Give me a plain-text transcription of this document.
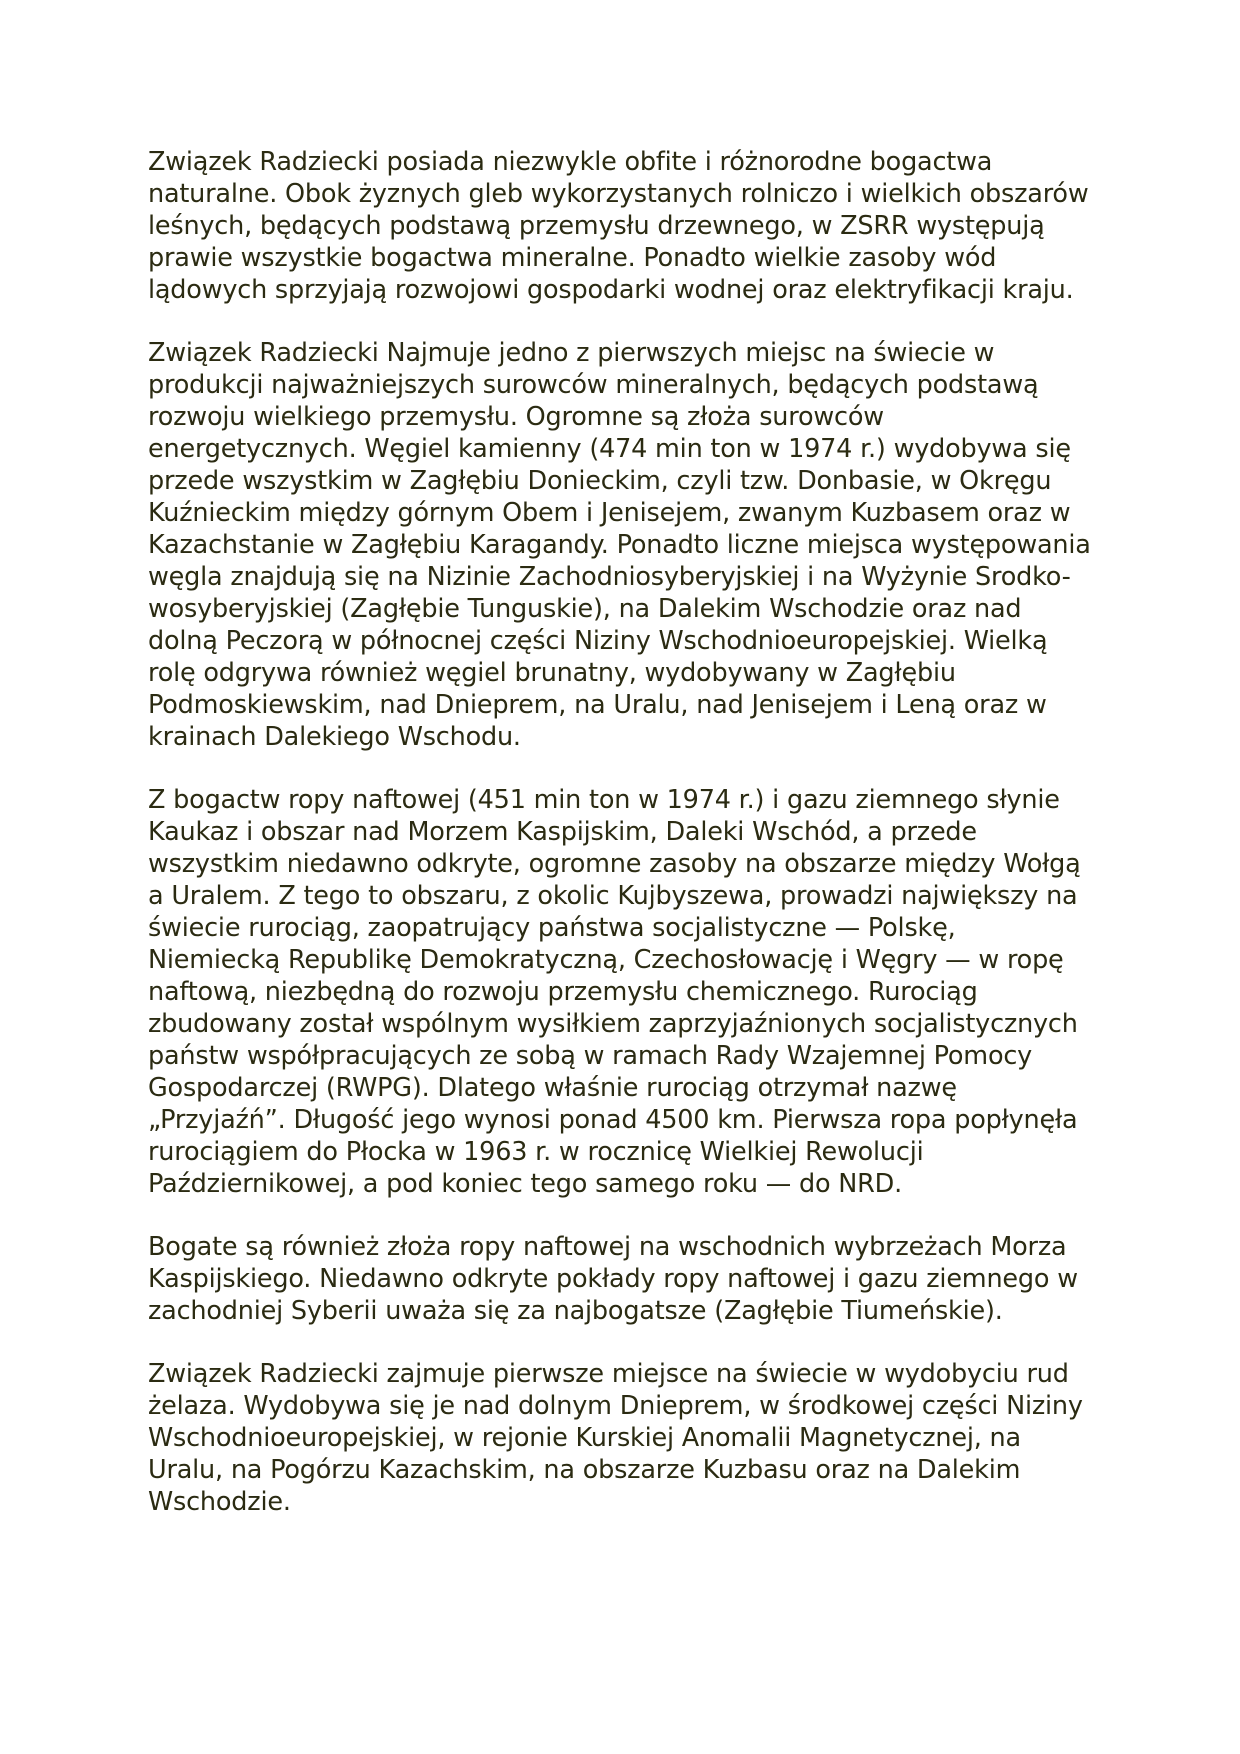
Związek Radziecki posiada niezwykle obfite i różnorodne bogactwa
naturalne. Obok żyznych gleb wykorzystanych rolniczo i wielkich obszarów
leśnych, będących podstawą przemysłu drzewnego, w ZSRR występują
prawie wszystkie bogactwa mineralne. Ponadto wielkie zasoby wód
lądowych sprzyjają rozwojowi gospodarki wodnej oraz elektryfikacji kraju.

Związek Radziecki Najmuje jedno z pierwszych miejsc na świecie w
produkcji najważniejszych surowców mineralnych, będących podstawą
rozwoju wielkiego przemysłu. Ogromne są złoża surowców
energetycznych. Węgiel kamienny (474 min ton w 1974 r.) wydobywa się
przede wszystkim w Zagłębiu Donieckim, czyli tzw. Donbasie, w Okręgu
Kuźnieckim między górnym Obem i Jenisejem, zwanym Kuzbasem oraz w
Kazachstanie w Zagłębiu Karagandy. Ponadto liczne miejsca występowania
węgla znajdują się na Nizinie Zachodniosyberyjskiej i na Wyżynie Srodko-
wosyberyjskiej (Zagłębie Tunguskie), na Dalekim Wschodzie oraz nad
dolną Peczorą w północnej części Niziny Wschodnioeuropejskiej. Wielką
rolę odgrywa również węgiel brunatny, wydobywany w Zagłębiu
Podmoskiewskim, nad Dnieprem, na Uralu, nad Jenisejem i Leną oraz w
krainach Dalekiego Wschodu.

Z bogactw ropy naftowej (451 min ton w 1974 r.) i gazu ziemnego słynie
Kaukaz i obszar nad Morzem Kaspijskim, Daleki Wschód, a przede
wszystkim niedawno odkryte, ogromne zasoby na obszarze między Wołgą
a Uralem. Z tego to obszaru, z okolic Kujbyszewa, prowadzi największy na
świecie rurociąg, zaopatrujący państwa socjalistyczne — Polskę,
Niemiecką Republikę Demokratyczną, Czechosłowację i Węgry — w ropę
naftową, niezbędną do rozwoju przemysłu chemicznego. Rurociąg
zbudowany został wspólnym wysiłkiem zaprzyjaźnionych socjalistycznych
państw współpracujących ze sobą w ramach Rady Wzajemnej Pomocy
Gospodarczej (RWPG). Dlatego właśnie rurociąg otrzymał nazwę
„Przyjaźń”. Długość jego wynosi ponad 4500 km. Pierwsza ropa popłynęła
rurociągiem do Płocka w 1963 r. w rocznicę Wielkiej Rewolucji
Październikowej, a pod koniec tego samego roku — do NRD.

Bogate są również złoża ropy naftowej na wschodnich wybrzeżach Morza
Kaspijskiego. Niedawno odkryte pokłady ropy naftowej i gazu ziemnego w
zachodniej Syberii uważa się za najbogatsze (Zagłębie Tiumeńskie).

Związek Radziecki zajmuje pierwsze miejsce na świecie w wydobyciu rud
żelaza. Wydobywa się je nad dolnym Dnieprem, w środkowej części Niziny
Wschodnioeuropejskiej, w rejonie Kurskiej Anomalii Magnetycznej, na
Uralu, na Pogórzu Kazachskim, na obszarze Kuzbasu oraz na Dalekim
Wschodzie.
